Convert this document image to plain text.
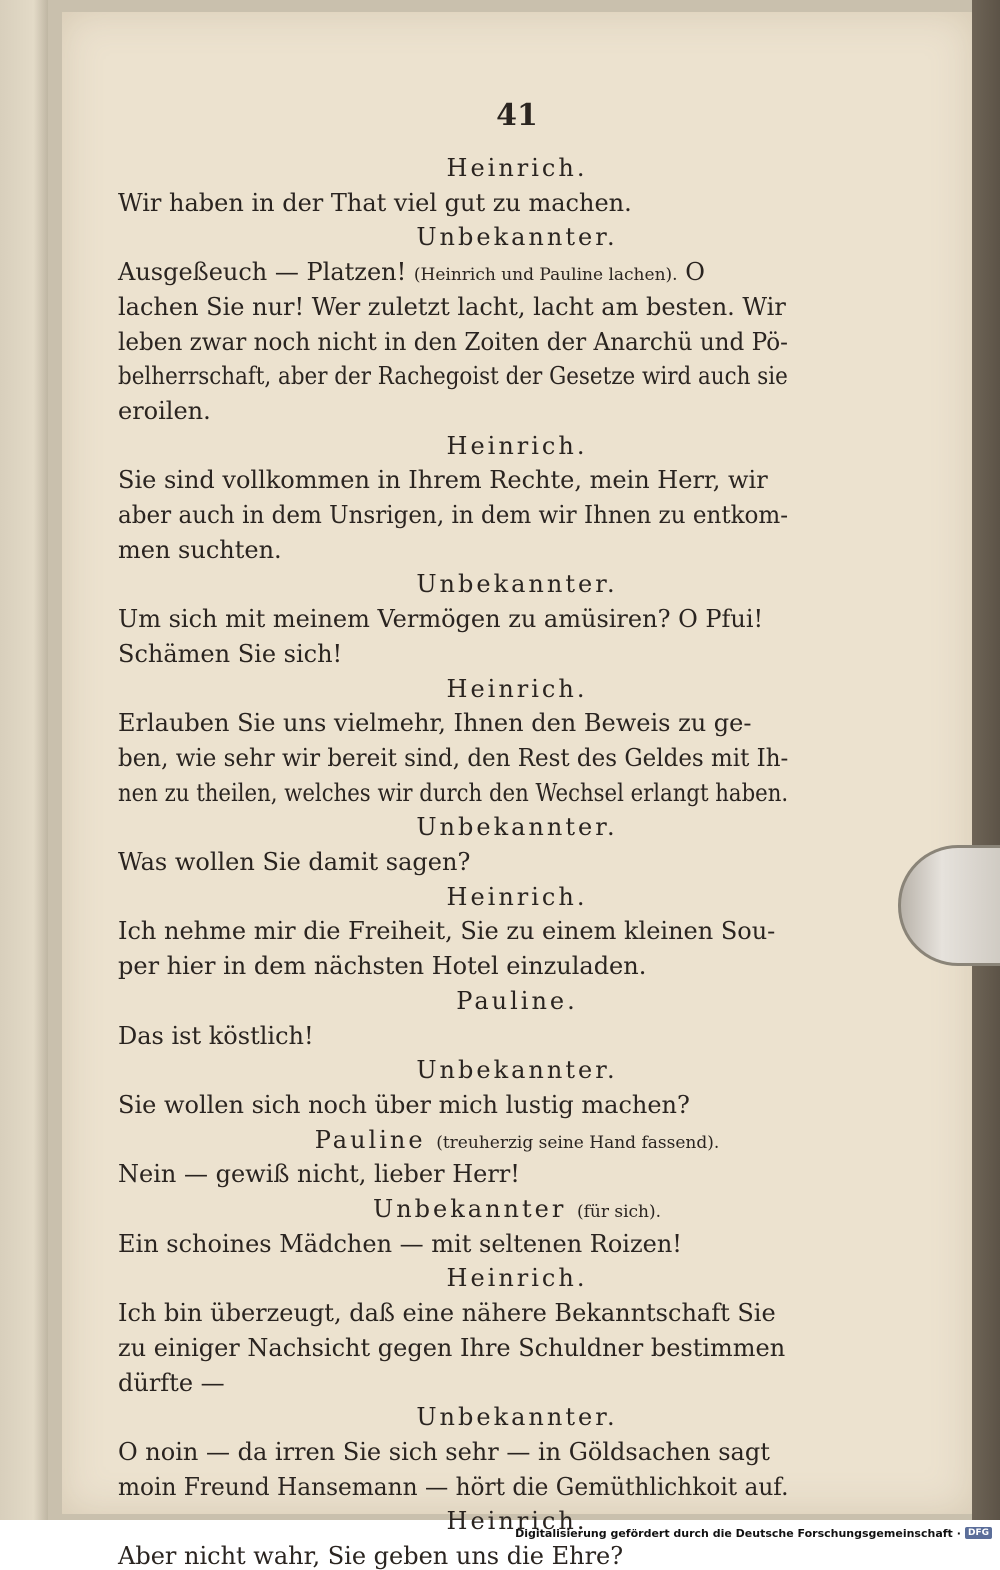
41
Heinrich.
Wir haben in der That viel gut zu machen.
Unbekannter.
Ausgeßeuch — Platzen! (Heinrich und Pauline lachen). O
lachen Sie nur! Wer zuletzt lacht, lacht am besten. Wir
leben zwar noch nicht in den Zoiten der Anarchü und Pö-
belherrschaft, aber der Rachegoist der Gesetze wird auch sie
eroilen.
Heinrich.
Sie sind vollkommen in Ihrem Rechte, mein Herr, wir
aber auch in dem Unsrigen, in dem wir Ihnen zu entkom-
men suchten.
Unbekannter.
Um sich mit meinem Vermögen zu amüsiren? O Pfui!
Schämen Sie sich!
Heinrich.
Erlauben Sie uns vielmehr, Ihnen den Beweis zu ge-
ben, wie sehr wir bereit sind, den Rest des Geldes mit Ih-
nen zu theilen, welches wir durch den Wechsel erlangt haben.
Unbekannter.
Was wollen Sie damit sagen?
Heinrich.
Ich nehme mir die Freiheit, Sie zu einem kleinen Sou-
per hier in dem nächsten Hotel einzuladen.
Pauline.
Das ist köstlich!
Unbekannter.
Sie wollen sich noch über mich lustig machen?
Pauline (treuherzig seine Hand fassend).
Nein — gewiß nicht, lieber Herr!
Unbekannter (für sich).
Ein schoines Mädchen — mit seltenen Roizen!
Heinrich.
Ich bin überzeugt, daß eine nähere Bekanntschaft Sie
zu einiger Nachsicht gegen Ihre Schuldner bestimmen
dürfte —
Unbekannter.
O noin — da irren Sie sich sehr — in Göldsachen sagt
moin Freund Hansemann — hört die Gemüthlichkoit auf.
Heinrich.
Aber nicht wahr, Sie geben uns die Ehre?
Digitalisierung gefördert durch die Deutsche Forschungsgemeinschaft · DFG
